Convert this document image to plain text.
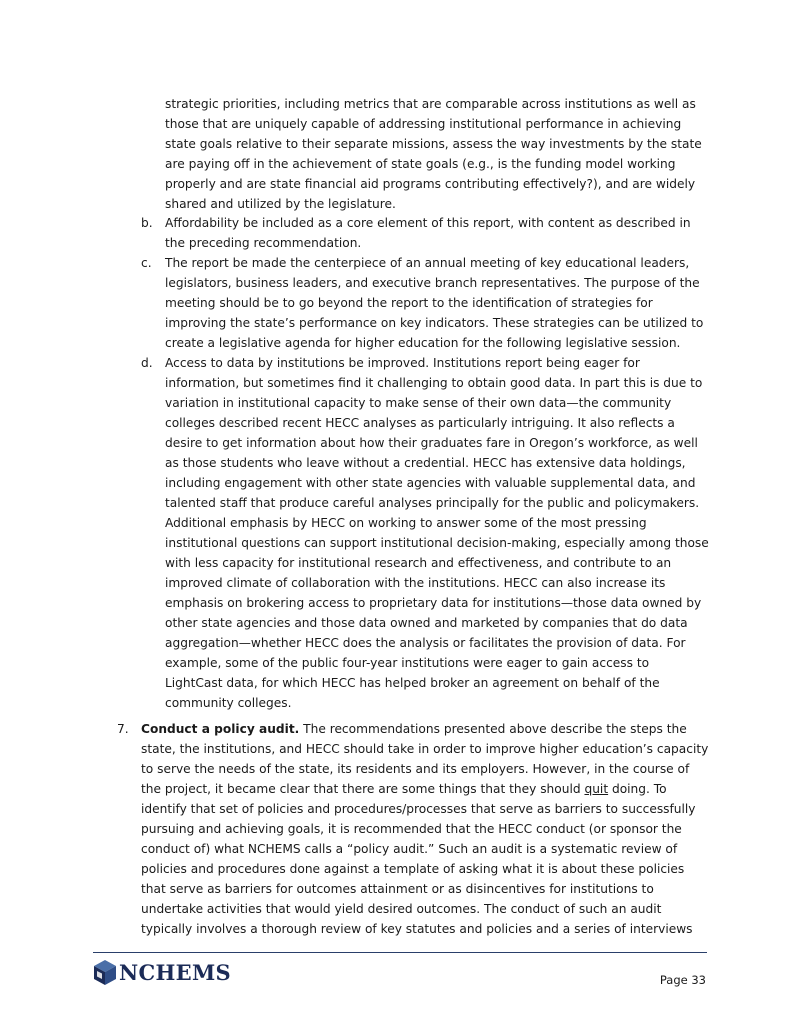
strategic priorities, including metrics that are comparable across institutions as well as those that are uniquely capable of addressing institutional performance in achieving state goals relative to their separate missions, assess the way investments by the state are paying off in the achievement of state goals (e.g., is the funding model working properly and are state financial aid programs contributing effectively?), and are widely shared and utilized by the legislature.

b.	Affordability be included as a core element of this report, with content as described in the preceding recommendation.
c.	The report be made the centerpiece of an annual meeting of key educational leaders, legislators, business leaders, and executive branch representatives. The purpose of the meeting should be to go beyond the report to the identification of strategies for improving the state’s performance on key indicators. These strategies can be utilized to create a legislative agenda for higher education for the following legislative session.
d.	Access to data by institutions be improved. Institutions report being eager for information, but sometimes find it challenging to obtain good data. In part this is due to variation in institutional capacity to make sense of their own data—the community colleges described recent HECC analyses as particularly intriguing. It also reflects a desire to get information about how their graduates fare in Oregon’s workforce, as well as those students who leave without a credential. HECC has extensive data holdings, including engagement with other state agencies with valuable supplemental data, and talented staff that produce careful analyses principally for the public and policymakers. Additional emphasis by HECC on working to answer some of the most pressing institutional questions can support institutional decision-making, especially among those with less capacity for institutional research and effectiveness, and contribute to an improved climate of collaboration with the institutions. HECC can also increase its emphasis on brokering access to proprietary data for institutions—those data owned by other state agencies and those data owned and marketed by companies that do data aggregation—whether HECC does the analysis or facilitates the provision of data. For example, some of the public four-year institutions were eager to gain access to LightCast data, for which HECC has helped broker an agreement on behalf of the community colleges.
7. Conduct a policy audit. The recommendations presented above describe the steps the state, the institutions, and HECC should take in order to improve higher education’s capacity to serve the needs of the state, its residents and its employers. However, in the course of the project, it became clear that there are some things that they should quit doing. To identify that set of policies and procedures/processes that serve as barriers to successfully pursuing and achieving goals, it is recommended that the HECC conduct (or sponsor the conduct of) what NCHEMS calls a “policy audit.” Such an audit is a systematic review of policies and procedures done against a template of asking what it is about these policies that serve as barriers for outcomes attainment or as disincentives for institutions to undertake activities that would yield desired outcomes. The conduct of such an audit typically involves a thorough review of key statutes and policies and a series of interviews
NCHEMS	Page 33
